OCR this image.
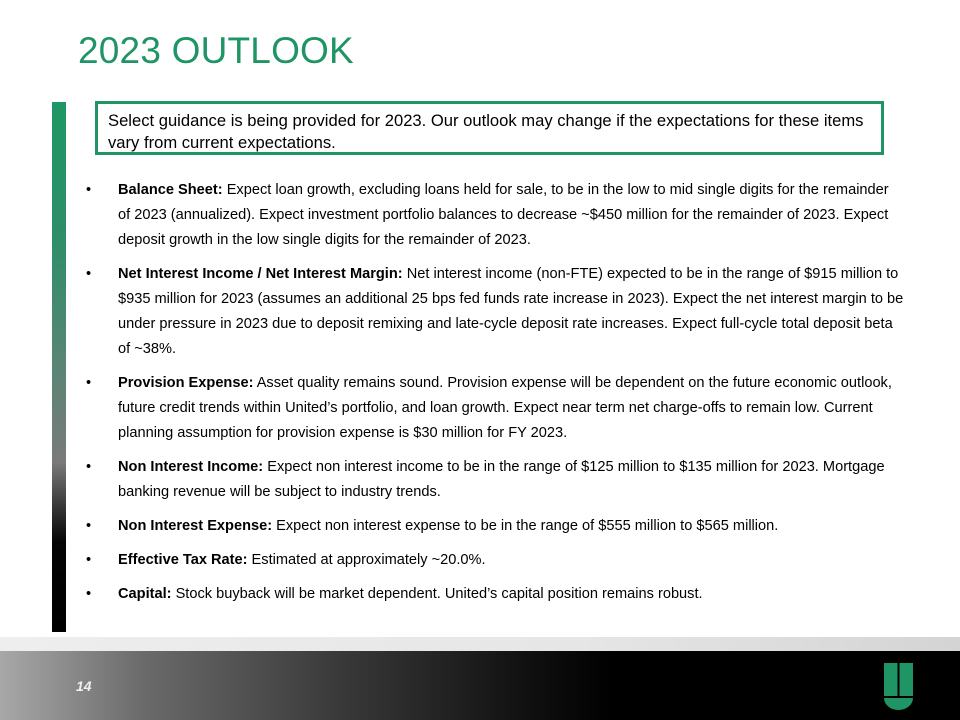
2023 OUTLOOK
Select guidance is being provided for 2023. Our outlook may change if the expectations for these items vary from current expectations.
• Balance Sheet: Expect loan growth, excluding loans held for sale, to be in the low to mid single digits for the remainder of 2023 (annualized). Expect investment portfolio balances to decrease ~$450 million for the remainder of 2023. Expect deposit growth in the low single digits for the remainder of 2023.
• Net Interest Income / Net Interest Margin: Net interest income (non-FTE) expected to be in the range of $915 million to $935 million for 2023 (assumes an additional 25 bps fed funds rate increase in 2023). Expect the net interest margin to be under pressure in 2023 due to deposit remixing and late-cycle deposit rate increases. Expect full-cycle total deposit beta of ~38%.
• Provision Expense: Asset quality remains sound. Provision expense will be dependent on the future economic outlook, future credit trends within United’s portfolio, and loan growth. Expect near term net charge-offs to remain low. Current planning assumption for provision expense is $30 million for FY 2023.
• Non Interest Income: Expect non interest income to be in the range of $125 million to $135 million for 2023. Mortgage banking revenue will be subject to industry trends.
• Non Interest Expense: Expect non interest expense to be in the range of $555 million to $565 million.
• Effective Tax Rate: Estimated at approximately ~20.0%.
• Capital: Stock buyback will be market dependent. United’s capital position remains robust.
14
